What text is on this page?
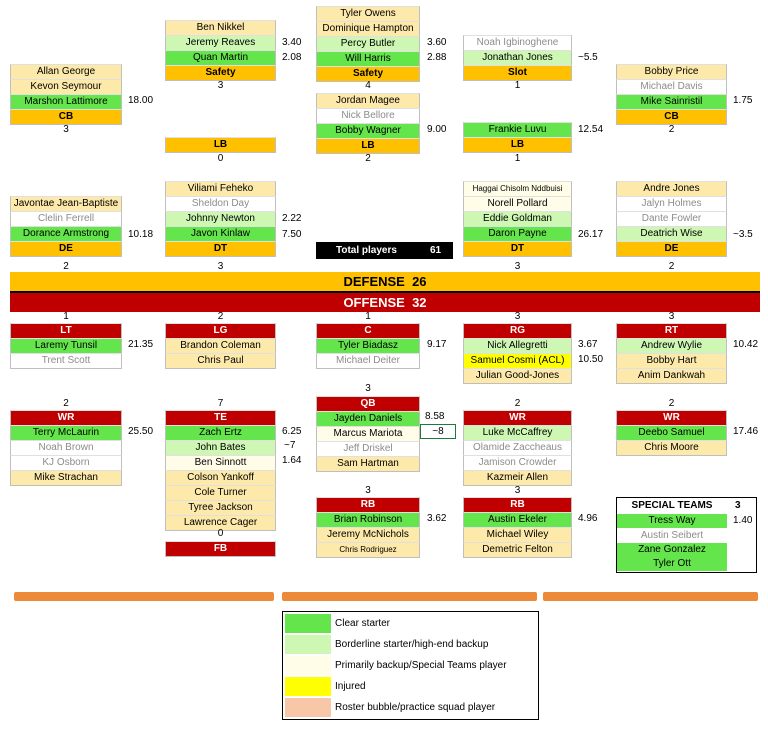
Ben Nikkel
Jeremy Reaves
Quan Martin
Safety
3.40
2.08
3
Tyler Owens
Dominique Hampton
Percy Butler
Will Harris
Safety
3.60
2.88
4
Noah Igbinoghene
Jonathan Jones
Slot
~5.5
1
Allan George
Kevon Seymour
Marshon Lattimore
CB
18.00
3
Bobby Price
Michael Davis
Mike Sainristil
CB
1.75
2
LB
0
Jordan Magee
Nick Bellore
Bobby Wagner
LB
9.00
2
Frankie Luvu
LB
12.54
1
Javontae Jean-Baptiste
Clelin Ferrell
Dorance Armstrong
DE
10.18
2
Viliami Feheko
Sheldon Day
Johnny Newton
Javon Kinlaw
DT
2.22
7.50
3
Total players	61
Haggai Chisolm Nddbuisi
Norell Pollard
Eddie Goldman
Daron Payne
DT
26.17
3
Andre Jones
Jalyn Holmes
Dante Fowler
Deatrich Wise
DE
~3.5
2
DEFENSE 26
OFFENSE 32
1	2	1	3	3
LT
Laremy Tunsil
Trent Scott
21.35
LG
Brandon Coleman
Chris Paul
C
Tyler Biadasz
Michael Deiter
9.17
RG
Nick Allegretti
Samuel Cosmi (ACL)
Julian Good-Jones
3.67
10.50
RT
Andrew Wylie
Bobby Hart
Anim Dankwah
10.42
3
QB
Jayden Daniels
Marcus Mariota
Jeff Driskel
Sam Hartman
8.58
~8
2
WR
Terry McLaurin
Noah Brown
KJ Osborn
Mike Strachan
25.50
7
TE
Zach Ertz
John Bates
Ben Sinnott
Colson Yankoff
Cole Turner
Tyree Jackson
Lawrence Cager
6.25
~7
1.64
2
WR
Luke McCaffrey
Olamide Zaccheaus
Jamison Crowder
Kazmeir Allen
2
WR
Deebo Samuel
Chris Moore
17.46
3
RB
Brian Robinson
Jeremy McNichols
Chris Rodriguez
3.62
3
RB
Austin Ekeler
Michael Wiley
Demetric Felton
4.96
0
FB
SPECIAL TEAMS	3
Tress Way	1.40
Austin Seibert
Zane Gonzalez
Tyler Ott
Clear starter
Borderline starter/high-end backup
Primarily backup/Special Teams player
Injured
Roster bubble/practice squad player
